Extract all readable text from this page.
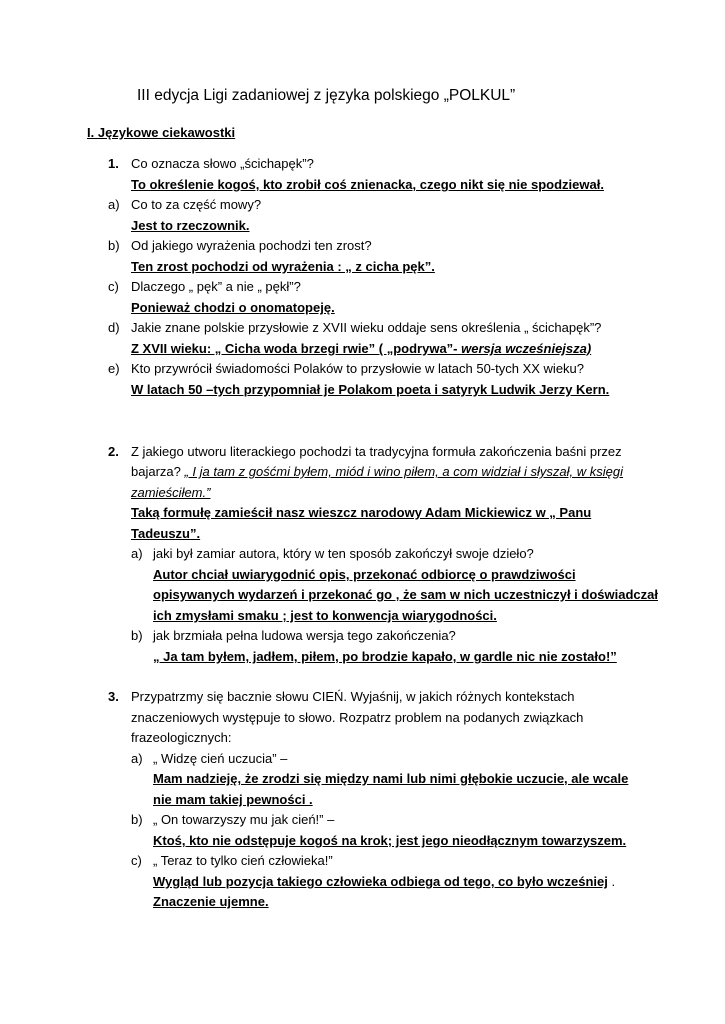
III edycja Ligi zadaniowej z języka polskiego „POLKUL”
I. Językowe ciekawostki
1. Co oznacza słowo „ścichapęk”?
To określenie kogoś, kto zrobił coś znienacka, czego nikt się nie spodziewał.
a) Co to za część mowy?
Jest to rzeczownik.
b) Od jakiego wyrażenia pochodzi ten zrost?
Ten zrost pochodzi od wyrażenia : „ z cicha pęk”.
c) Dlaczego „ pęk” a nie „ pękł”?
Ponieważ chodzi o onomatopeję.
d) Jakie znane polskie przysłowie z XVII wieku oddaje sens określenia „ ścichapęk”?
Z XVII wieku: „ Cicha woda brzegi rwie” ( „podrywa”- wersja wcześniejsza)
e) Kto przywrócił świadomości Polaków to przysłowie w latach 50-tych XX wieku?
W latach 50 –tych przypomniał je Polakom poeta i satyryk Ludwik Jerzy Kern.
2. Z jakiego utworu literackiego pochodzi ta tradycyjna formuła zakończenia baśni przez
bajarza? „ I ja tam z gośćmi byłem, miód i wino piłem, a com widział i słyszał, w księgi
zamieściłem.”
Taką formułę zamieścił nasz wieszcz narodowy Adam Mickiewicz w „ Panu
Tadeuszu”.
a) jaki był zamiar autora, który w ten sposób zakończył swoje dzieło?
Autor chciał uwiarygodnić opis, przekonać odbiorcę o prawdziwości
opisywanych wydarzeń i przekonać go , że sam w nich uczestniczył i doświadczał
ich zmysłami smaku ; jest to konwencja wiarygodności.
b) jak brzmiała pełna ludowa wersja tego zakończenia?
„ Ja tam byłem, jadłem, piłem, po brodzie kapało, w gardle nic nie zostało!”
3. Przypatrzmy się bacznie słowu CIEŃ. Wyjaśnij, w jakich różnych kontekstach
znaczeniowych występuje to słowo. Rozpatrz problem na podanych związkach
frazeologicznych:
a) „ Widzę cień uczucia” –
Mam nadzieję, że zrodzi się między nami lub nimi głębokie uczucie, ale wcale
nie mam takiej pewności .
b) „ On towarzyszy mu jak cień!” –
Ktoś, kto nie odstępuje kogoś na krok; jest jego nieodłącznym towarzyszem.
c) „ Teraz to tylko cień człowieka!”
Wygląd lub pozycja takiego człowieka odbiega od tego, co było wcześniej .
Znaczenie ujemne.
